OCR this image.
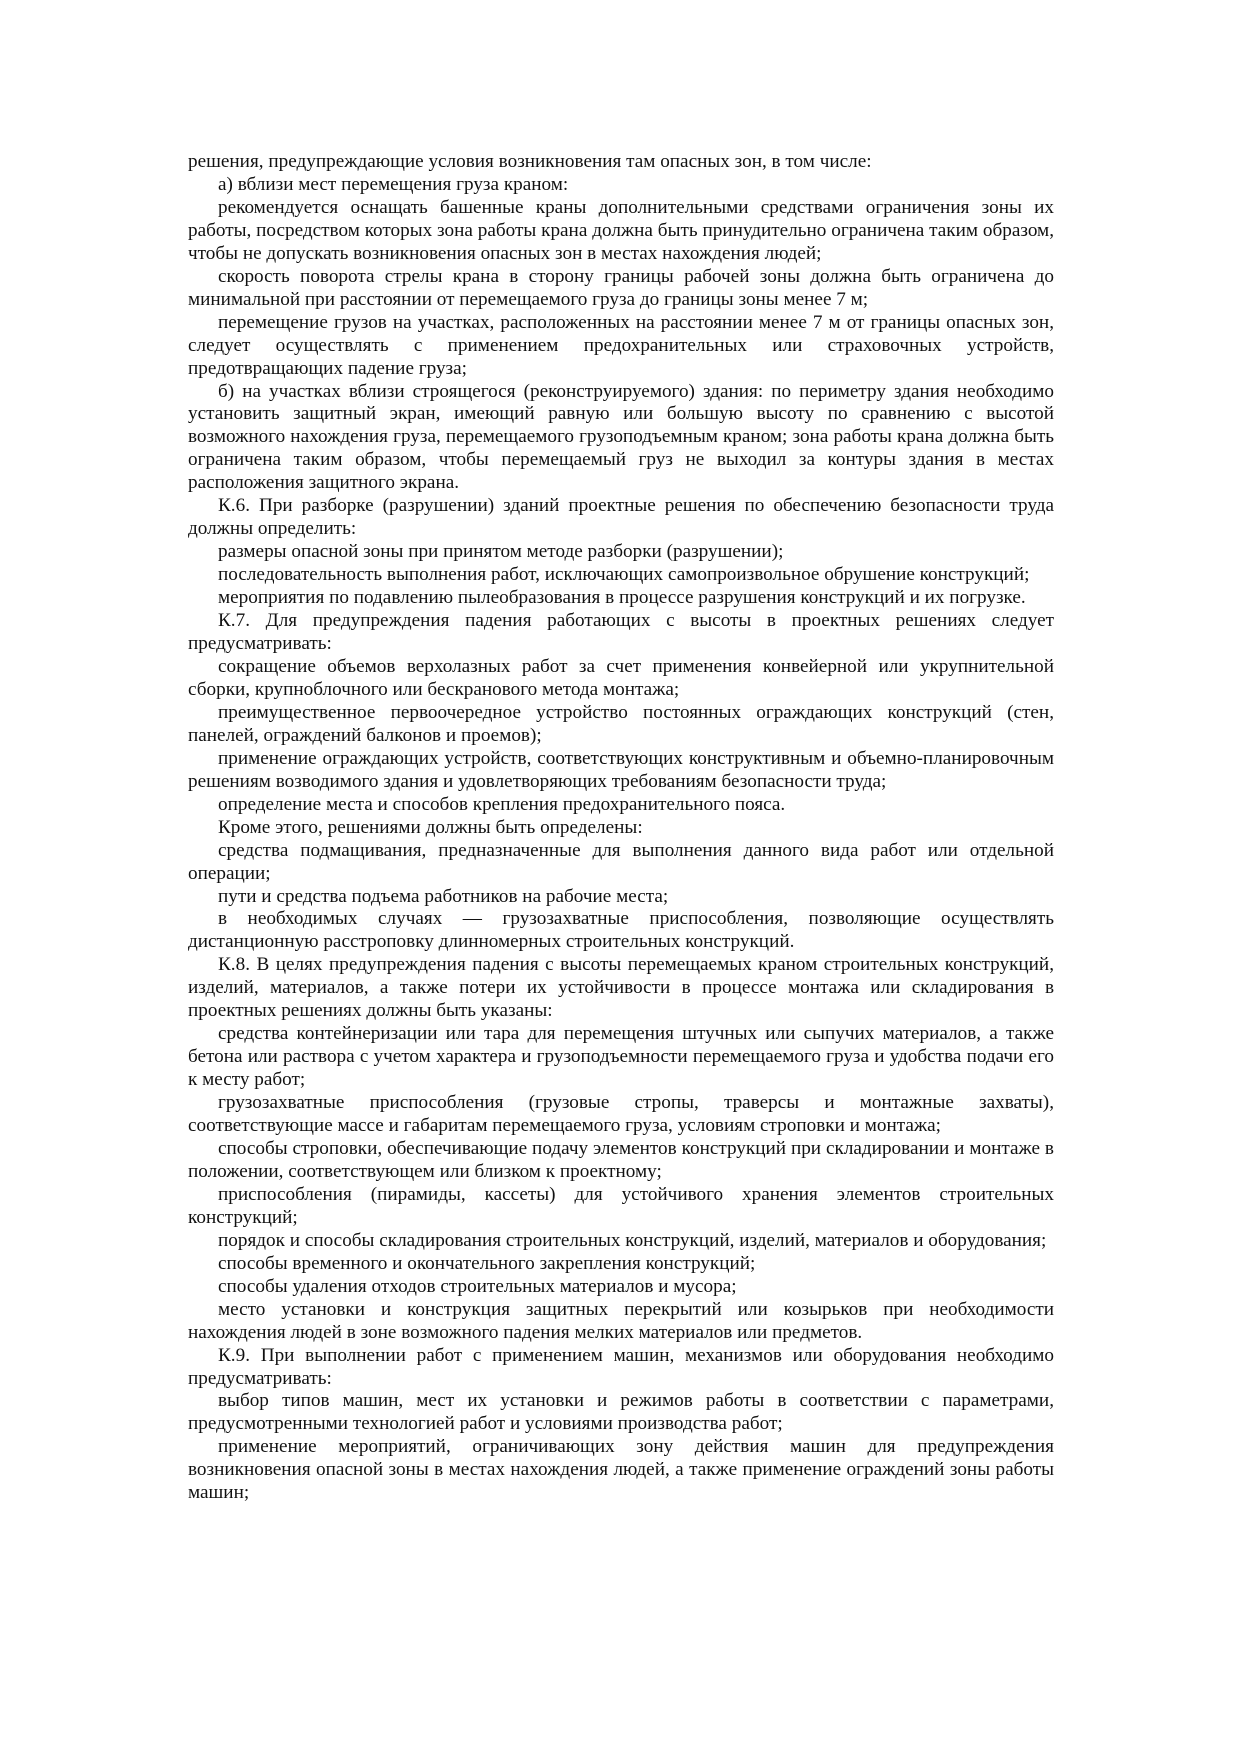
решения, предупреждающие условия возникновения там опасных зон, в том числе:

а) вблизи мест перемещения груза краном:

рекомендуется оснащать башенные краны дополнительными средствами ограничения зоны их работы, посредством которых зона работы крана должна быть принудительно ограничена таким образом, чтобы не допускать возникновения опасных зон в местах нахождения людей;

скорость поворота стрелы крана в сторону границы рабочей зоны должна быть ограничена до минимальной при расстоянии от перемещаемого груза до границы зоны менее 7 м;

перемещение грузов на участках, расположенных на расстоянии менее 7 м от границы опасных зон, следует осуществлять с применением предохранительных или страховочных устройств, предотвращающих падение груза;

б) на участках вблизи строящегося (реконструируемого) здания: по периметру здания необходимо установить защитный экран, имеющий равную или большую высоту по сравнению с высотой возможного нахождения груза, перемещаемого грузоподъемным краном; зона работы крана должна быть ограничена таким образом, чтобы перемещаемый груз не выходил за контуры здания в местах расположения защитного экрана.

К.6. При разборке (разрушении) зданий проектные решения по обеспечению безопасности труда должны определить:

размеры опасной зоны при принятом методе разборки (разрушении);

последовательность выполнения работ, исключающих самопроизвольное обрушение конструкций;

мероприятия по подавлению пылеобразования в процессе разрушения конструкций и их погрузке.

К.7. Для предупреждения падения работающих с высоты в проектных решениях следует предусматривать:

сокращение объемов верхолазных работ за счет применения конвейерной или укрупнительной сборки, крупноблочного или бескранового метода монтажа;

преимущественное первоочередное устройство постоянных ограждающих конструкций (стен, панелей, ограждений балконов и проемов);

применение ограждающих устройств, соответствующих конструктивным и объемно-планировочным решениям возводимого здания и удовлетворяющих требованиям безопасности труда;

определение места и способов крепления предохранительного пояса.

Кроме этого, решениями должны быть определены:

средства подмащивания, предназначенные для выполнения данного вида работ или отдельной операции;

пути и средства подъема работников на рабочие места;

в необходимых случаях — грузозахватные приспособления, позволяющие осуществлять дистанционную расстроповку длинномерных строительных конструкций.

К.8. В целях предупреждения падения с высоты перемещаемых краном строительных конструкций, изделий, материалов, а также потери их устойчивости в процессе монтажа или складирования в проектных решениях должны быть указаны:

средства контейнеризации или тара для перемещения штучных или сыпучих материалов, а также бетона или раствора с учетом характера и грузоподъемности перемещаемого груза и удобства подачи его к месту работ;

грузозахватные приспособления (грузовые стропы, траверсы и монтажные захваты), соответствующие массе и габаритам перемещаемого груза, условиям строповки и монтажа;

способы строповки, обеспечивающие подачу элементов конструкций при складировании и монтаже в положении, соответствующем или близком к проектному;

приспособления (пирамиды, кассеты) для устойчивого хранения элементов строительных конструкций;

порядок и способы складирования строительных конструкций, изделий, материалов и оборудования;

способы временного и окончательного закрепления конструкций;

способы удаления отходов строительных материалов и мусора;

место установки и конструкция защитных перекрытий или козырьков при необходимости нахождения людей в зоне возможного падения мелких материалов или предметов.

К.9. При выполнении работ с применением машин, механизмов или оборудования необходимо предусматривать:

выбор типов машин, мест их установки и режимов работы в соответствии с параметрами, предусмотренными технологией работ и условиями производства работ;

применение мероприятий, ограничивающих зону действия машин для предупреждения возникновения опасной зоны в местах нахождения людей, а также применение ограждений зоны работы машин;
